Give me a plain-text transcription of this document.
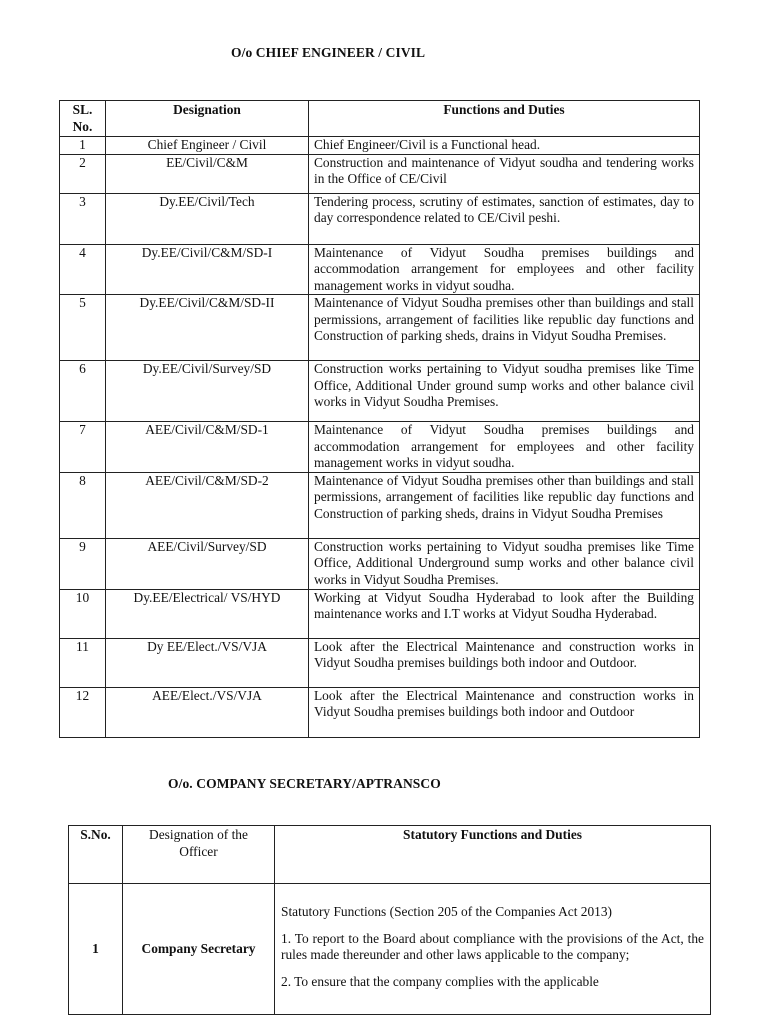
O/o CHIEF ENGINEER / CIVIL
SL. No.	Designation	Functions and Duties
1	Chief Engineer / Civil	Chief Engineer/Civil is a Functional head.
2	EE/Civil/C&M	Construction and maintenance of Vidyut soudha and tendering works in the Office of CE/Civil
3	Dy.EE/Civil/Tech	Tendering process, scrutiny of estimates, sanction of estimates, day to day correspondence related to CE/Civil peshi.
4	Dy.EE/Civil/C&M/SD-I	Maintenance of Vidyut Soudha premises buildings and accommodation arrangement for employees and other facility management works in vidyut soudha.
5	Dy.EE/Civil/C&M/SD-II	Maintenance of Vidyut Soudha premises other than buildings and stall permissions, arrangement of facilities like republic day functions and Construction of parking sheds, drains in Vidyut Soudha Premises.
6	Dy.EE/Civil/Survey/SD	Construction works pertaining to Vidyut soudha premises like Time Office, Additional Under ground sump works and other balance civil works in Vidyut Soudha Premises.
7	AEE/Civil/C&M/SD-1	Maintenance of Vidyut Soudha premises buildings and accommodation arrangement for employees and other facility management works in vidyut soudha.
8	AEE/Civil/C&M/SD-2	Maintenance of Vidyut Soudha premises other than buildings and stall permissions, arrangement of facilities like republic day functions and Construction of parking sheds, drains in Vidyut Soudha Premises
9	AEE/Civil/Survey/SD	Construction works pertaining to Vidyut soudha premises like Time Office, Additional Underground sump works and other balance civil works in Vidyut Soudha Premises.
10	Dy.EE/Electrical/ VS/HYD	Working at Vidyut Soudha Hyderabad to look after the Building maintenance works and I.T works at Vidyut Soudha Hyderabad.
11	Dy EE/Elect./VS/VJA	Look after the Electrical Maintenance and construction works in Vidyut Soudha premises buildings both indoor and Outdoor.
12	AEE/Elect./VS/VJA	Look after the Electrical Maintenance and construction works in Vidyut Soudha premises buildings both indoor and Outdoor
O/o. COMPANY SECRETARY/APTRANSCO
S.No.	Designation of the Officer	Statutory Functions and Duties
1	Company Secretary	Statutory Functions (Section 205 of the Companies Act 2013)

1. To report to the Board about compliance with the provisions of the Act, the rules made thereunder and other laws applicable to the company;

2. To ensure that the company complies with the applicable
